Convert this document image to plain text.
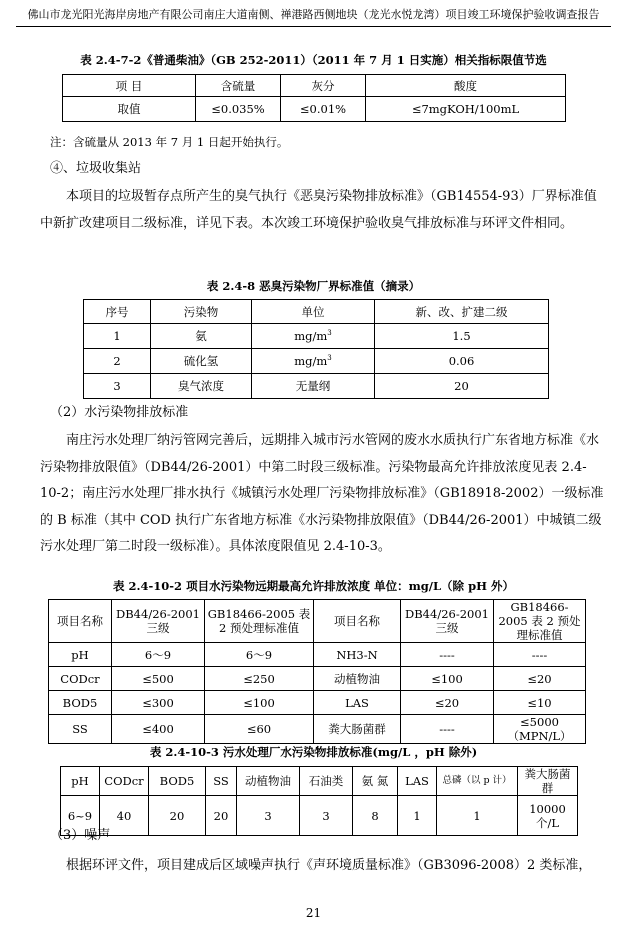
佛山市龙光阳光海岸房地产有限公司南庄大道南侧、禅港路西侧地块（龙光水悦龙湾）项目竣工环境保护验收调查报告
表 2.4-7-2《普通柴油》（GB 252-2011）（2011 年 7 月 1 日实施）相关指标限值节选
项 目	含硫量	灰分	酸度
取值	≤0.035%	≤0.01%	≤7mgKOH/100mL
注：含硫量从 2013 年 7 月 1 日起开始执行。
④、垃圾收集站

本项目的垃圾暂存点所产生的臭气执行《恶臭污染物排放标准》（GB14554-93）厂界标准值中新扩改建项目二级标准，详见下表。本次竣工环境保护验收臭气排放标准与环评文件相同。

表 2.4-8 恶臭污染物厂界标准值（摘录）
序号	污染物	单位	新、改、扩建二级
1	氨	$mg/m^3$	1.5
2	硫化氢	$mg/m^3$	0.06
3	臭气浓度	无量纲	20
（2）水污染物排放标准

南庄污水处理厂纳污管网完善后，远期排入城市污水管网的废水水质执行广东省地方标准《水污染物排放限值》（DB44/26-2001）中第二时段三级标准。污染物最高允许排放浓度见表 2.4-10-2；南庄污水处理厂排水执行《城镇污水处理厂污染物排放标准》（GB18918-2002）一级标准的 B 标准（其中 COD 执行广东省地方标准《水污染物排放限值》（DB44/26-2001）中城镇二级污水处理厂第二时段一级标准）。具体浓度限值见 2.4-10-3。

表 2.4-10-2 项目水污染物远期最高允许排放浓度 单位：mg/L（除 pH 外）
项目名称	DB44/26-2001 三级	GB18466-2005 表 2 预处理标准值	项目名称	DB44/26-2001 三级	GB18466-2005 表 2 预处理标准值
pH	6～9	6～9	NH3-N	----	----
CODcr	≤500	≤250	动植物油	≤100	≤20
BOD5	≤300	≤100	LAS	≤20	≤10
SS	≤400	≤60	粪大肠菌群	----	≤5000（MPN/L）
表 2.4-10-3 污水处理厂水污染物排放标准(mg/L ，pH 除外)
pH	CODcr	BOD5	SS	动植物油	石油类	氨 氮	LAS	总磷（以 p 计）	粪大肠菌群
6~9	40	20	20	3	3	8	1	1	10000 个/L
（3）噪声

根据环评文件，项目建成后区域噪声执行《声环境质量标准》（GB3096-2008）2 类标准，

21
